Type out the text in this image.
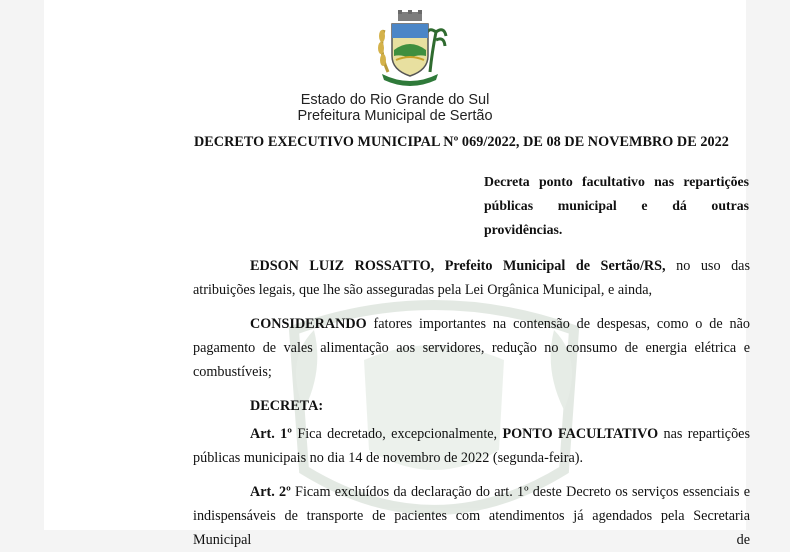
Estado do Rio Grande do Sul
Prefeitura Municipal de Sertão
DECRETO EXECUTIVO MUNICIPAL Nº 069/2022, DE 08 DE NOVEMBRO DE 2022
Decreta ponto facultativo nas repartições
públicas municipal e dá outras
providências.
EDSON LUIZ ROSSATTO, Prefeito Municipal de Sertão/RS, no uso das
atribuições legais, que lhe são asseguradas pela Lei Orgânica Municipal, e ainda,
CONSIDERANDO fatores importantes na contensão de despesas, como o de não
pagamento de vales alimentação aos servidores, redução no consumo de energia elétrica e
combustíveis;
DECRETA:
Art. 1º Fica decretado, excepcionalmente, PONTO FACULTATIVO nas repartições
públicas municipais no dia 14 de novembro de 2022 (segunda-feira).
Art. 2º Ficam excluídos da declaração do art. 1º deste Decreto os serviços essenciais e
indispensáveis de transporte de pacientes com atendimentos já agendados pela Secretaria Municipal de
